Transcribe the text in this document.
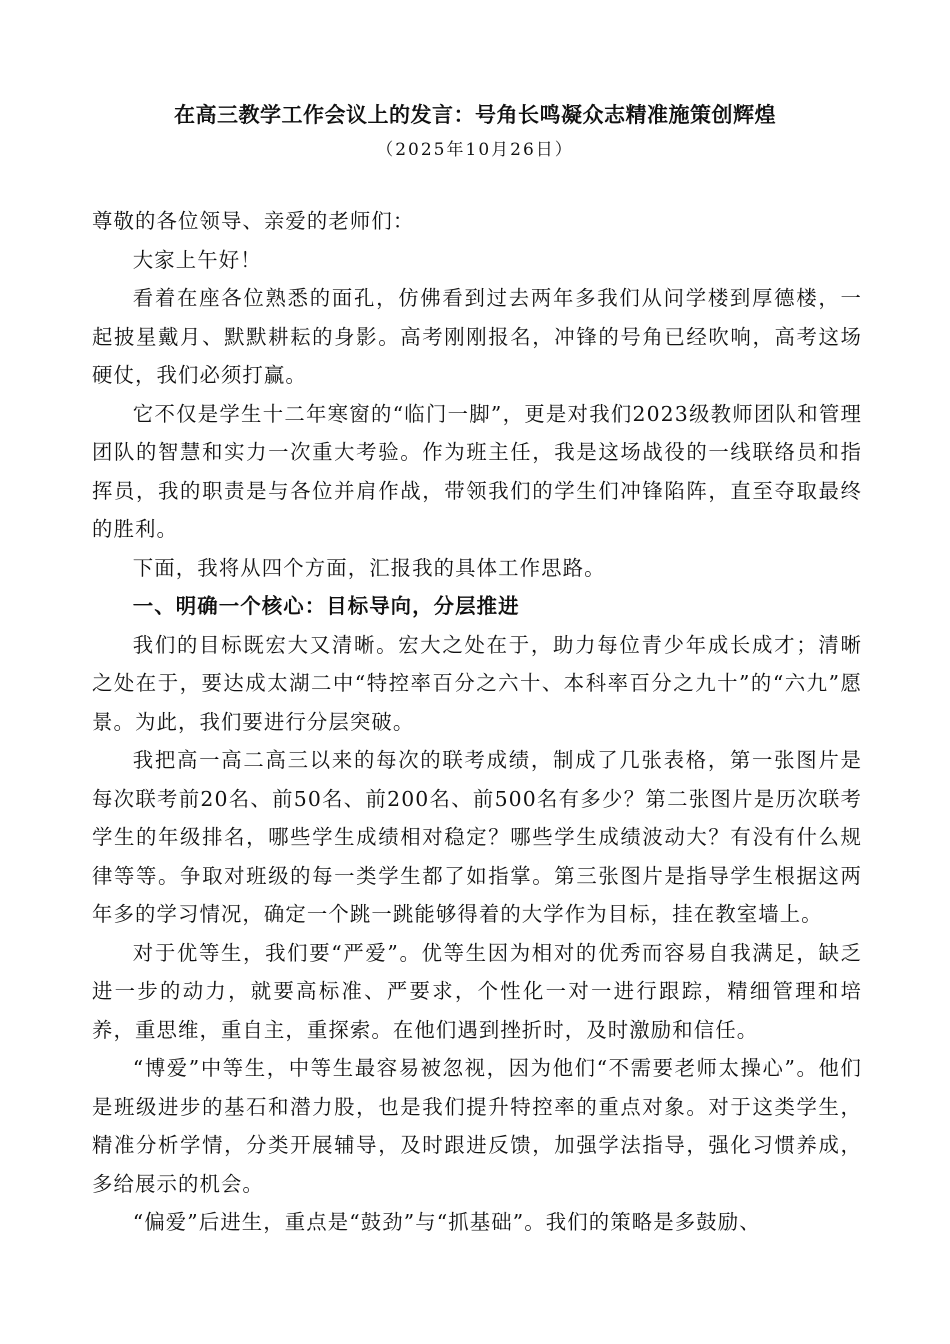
在高三教学工作会议上的发言：号角长鸣凝众志精准施策创辉煌
（2025年10月26日）

尊敬的各位领导、亲爱的老师们：

大家上午好！

看着在座各位熟悉的面孔，仿佛看到过去两年多我们从问学楼到厚德楼，一起披星戴月、默默耕耘的身影。高考刚刚报名，冲锋的号角已经吹响，高考这场硬仗，我们必须打赢。

它不仅是学生十二年寒窗的“临门一脚”，更是对我们2023级教师团队和管理团队的智慧和实力一次重大考验。作为班主任，我是这场战役的一线联络员和指挥员，我的职责是与各位并肩作战，带领我们的学生们冲锋陷阵，直至夺取最终的胜利。

下面，我将从四个方面，汇报我的具体工作思路。

一、明确一个核心：目标导向，分层推进

我们的目标既宏大又清晰。宏大之处在于，助力每位青少年成长成才；清晰之处在于，要达成太湖二中“特控率百分之六十、本科率百分之九十”的“六九”愿景。为此，我们要进行分层突破。

我把高一高二高三以来的每次的联考成绩，制成了几张表格，第一张图片是每次联考前20名、前50名、前200名、前500名有多少？第二张图片是历次联考学生的年级排名，哪些学生成绩相对稳定？哪些学生成绩波动大？有没有什么规律等等。争取对班级的每一类学生都了如指掌。第三张图片是指导学生根据这两年多的学习情况，确定一个跳一跳能够得着的大学作为目标，挂在教室墙上。

对于优等生，我们要“严爱”。优等生因为相对的优秀而容易自我满足，缺乏进一步的动力，就要高标准、严要求，个性化一对一进行跟踪，精细管理和培养，重思维，重自主，重探索。在他们遇到挫折时，及时激励和信任。

“博爱”中等生，中等生最容易被忽视，因为他们“不需要老师太操心”。他们是班级进步的基石和潜力股，也是我们提升特控率的重点对象。对于这类学生，精准分析学情，分类开展辅导，及时跟进反馈，加强学法指导，强化习惯养成，多给展示的机会。

“偏爱”后进生，重点是“鼓劲”与“抓基础”。我们的策略是多鼓励、
